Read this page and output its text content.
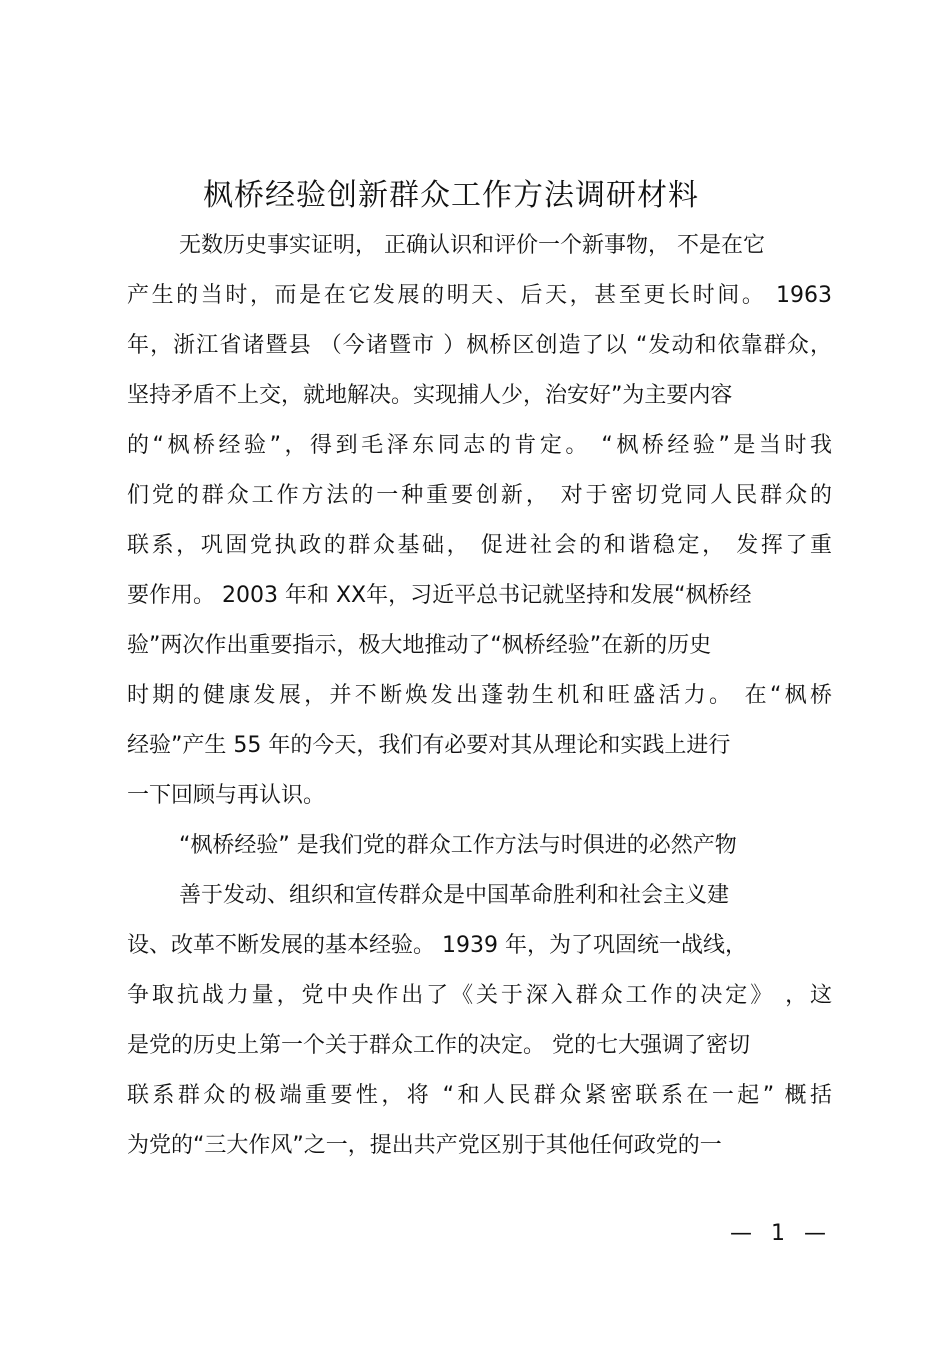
枫桥经验创新群众工作方法调研材料
无数历史事实证明， 正确认识和评价一个新事物， 不是在它
产生的当时，而是在它发展的明天、后天，甚至更长时间。 1963
年，浙江省诸暨县 （今诸暨市 ）枫桥区创造了以 “发动和依靠群众，
坚持矛盾不上交，就地解决。实现捕人少，治安好”为主要内容
的“枫桥经验”，得到毛泽东同志的肯定。 “枫桥经验”是当时我
们党的群众工作方法的一种重要创新， 对于密切党同人民群众的
联系，巩固党执政的群众基础， 促进社会的和谐稳定， 发挥了重
要作用。 2003 年和 XX年，习近平总书记就坚持和发展“枫桥经
验”两次作出重要指示，极大地推动了“枫桥经验”在新的历史
时期的健康发展，并不断焕发出蓬勃生机和旺盛活力。 在“枫桥
经验”产生 55 年的今天，我们有必要对其从理论和实践上进行
一下回顾与再认识。
“枫桥经验” 是我们党的群众工作方法与时俱进的必然产物
善于发动、组织和宣传群众是中国革命胜利和社会主义建
设、改革不断发展的基本经验。 1939 年，为了巩固统一战线，
争取抗战力量，党中央作出了《关于深入群众工作的决定》 ，这
是党的历史上第一个关于群众工作的决定。 党的七大强调了密切
联系群众的极端重要性，将 “和人民群众紧密联系在一起” 概括
为党的“三大作风”之一，提出共产党区别于其他任何政党的一
— 1 —
